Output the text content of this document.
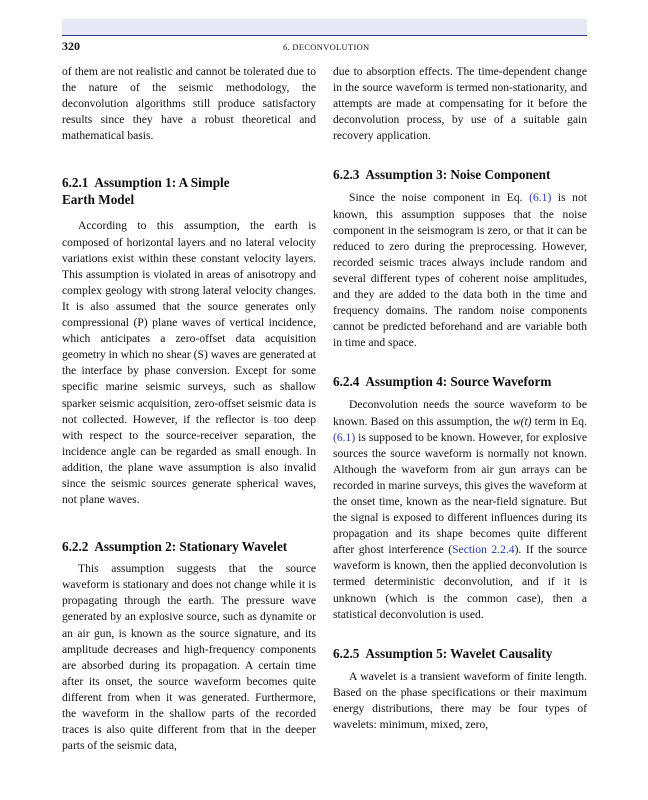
320	6. DECONVOLUTION

of them are not realistic and cannot be tolerated due to the nature of the seismic methodology, the deconvolution algorithms still produce satisfactory results since they have a robust theoretical and mathematical basis.

6.2.1 Assumption 1: A Simple Earth Model

According to this assumption, the earth is composed of horizontal layers and no lateral velocity variations exist within these constant velocity layers. This assumption is violated in areas of anisotropy and complex geology with strong lateral velocity changes. It is also assumed that the source generates only compressional (P) plane waves of vertical incidence, which anticipates a zero-offset data acquisition geometry in which no shear (S) waves are generated at the interface by phase conversion. Except for some specific marine seismic surveys, such as shallow sparker seismic acquisition, zero-offset seismic data is not collected. However, if the reflector is too deep with respect to the source-receiver separation, the incidence angle can be regarded as small enough. In addition, the plane wave assumption is also invalid since the seismic sources generate spherical waves, not plane waves.

6.2.2 Assumption 2: Stationary Wavelet

This assumption suggests that the source waveform is stationary and does not change while it is propagating through the earth. The pressure wave generated by an explosive source, such as dynamite or an air gun, is known as the source signature, and its amplitude decreases and high-frequency components are absorbed during its propagation. A certain time after its onset, the source waveform becomes quite different from when it was generated. Furthermore, the waveform in the shallow parts of the recorded traces is also quite different from that in the deeper parts of the seismic data,

due to absorption effects. The time-dependent change in the source waveform is termed non-stationarity, and attempts are made at compensating for it before the deconvolution process, by use of a suitable gain recovery application.

6.2.3 Assumption 3: Noise Component

Since the noise component in Eq. (6.1) is not known, this assumption supposes that the noise component in the seismogram is zero, or that it can be reduced to zero during the preprocessing. However, recorded seismic traces always include random and several different types of coherent noise amplitudes, and they are added to the data both in the time and frequency domains. The random noise components cannot be predicted beforehand and are variable both in time and space.

6.2.4 Assumption 4: Source Waveform

Deconvolution needs the source waveform to be known. Based on this assumption, the w(t) term in Eq. (6.1) is supposed to be known. However, for explosive sources the source waveform is normally not known. Although the waveform from air gun arrays can be recorded in marine surveys, this gives the waveform at the onset time, known as the near-field signature. But the signal is exposed to different influences during its propagation and its shape becomes quite different after ghost interference (Section 2.2.4). If the source waveform is known, then the applied deconvolution is termed deterministic deconvolution, and if it is unknown (which is the common case), then a statistical deconvolution is used.

6.2.5 Assumption 5: Wavelet Causality

A wavelet is a transient waveform of finite length. Based on the phase specifications or their maximum energy distributions, there may be four types of wavelets: minimum, mixed, zero,
